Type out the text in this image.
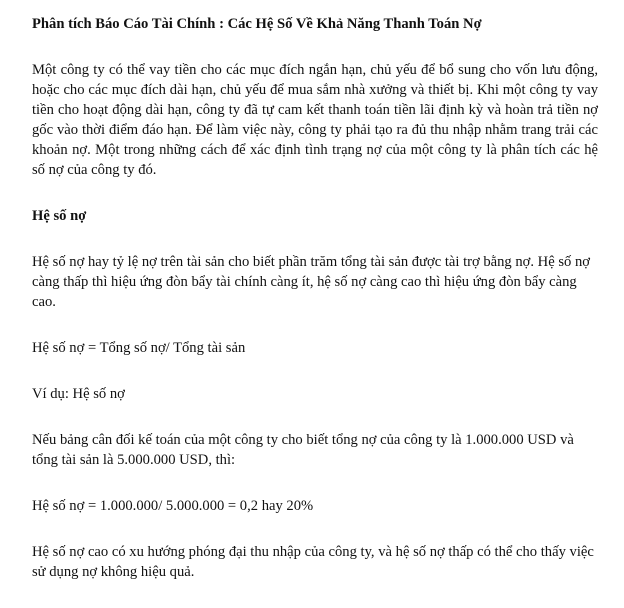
Phân tích Báo Cáo Tài Chính : Các Hệ Số Về Khả Năng Thanh Toán Nợ
Một công ty có thể vay tiền cho các mục đích ngắn hạn, chủ yếu để bổ sung cho vốn lưu động, hoặc cho các mục đích dài hạn, chủ yếu để mua sắm nhà xưởng và thiết bị. Khi một công ty vay tiền cho hoạt động dài hạn, công ty đã tự cam kết thanh toán tiền lãi định kỳ và hoàn trả tiền nợ gốc vào thời điểm đáo hạn. Để làm việc này, công ty phải tạo ra đủ thu nhập nhằm trang trải các khoản nợ. Một trong những cách để xác định tình trạng nợ của một công ty là phân tích các hệ số nợ của công ty đó.
Hệ số nợ
Hệ số nợ hay tỷ lệ nợ trên tài sản cho biết phần trăm tổng tài sản được tài trợ bằng nợ. Hệ số nợ càng thấp thì hiệu ứng đòn bẩy tài chính càng ít, hệ số nợ càng cao thì hiệu ứng đòn bẩy càng cao.
Hệ số nợ = Tổng số nợ/ Tổng tài sản
Ví dụ: Hệ số nợ
Nếu bảng cân đối kế toán của một công ty cho biết tổng nợ của công ty là 1.000.000 USD và tổng tài sản là 5.000.000 USD, thì:
Hệ số nợ = 1.000.000/ 5.000.000 = 0,2 hay 20%
Hệ số nợ cao có xu hướng phóng đại thu nhập của công ty, và hệ số nợ thấp có thể cho thấy việc sử dụng nợ không hiệu quả.
